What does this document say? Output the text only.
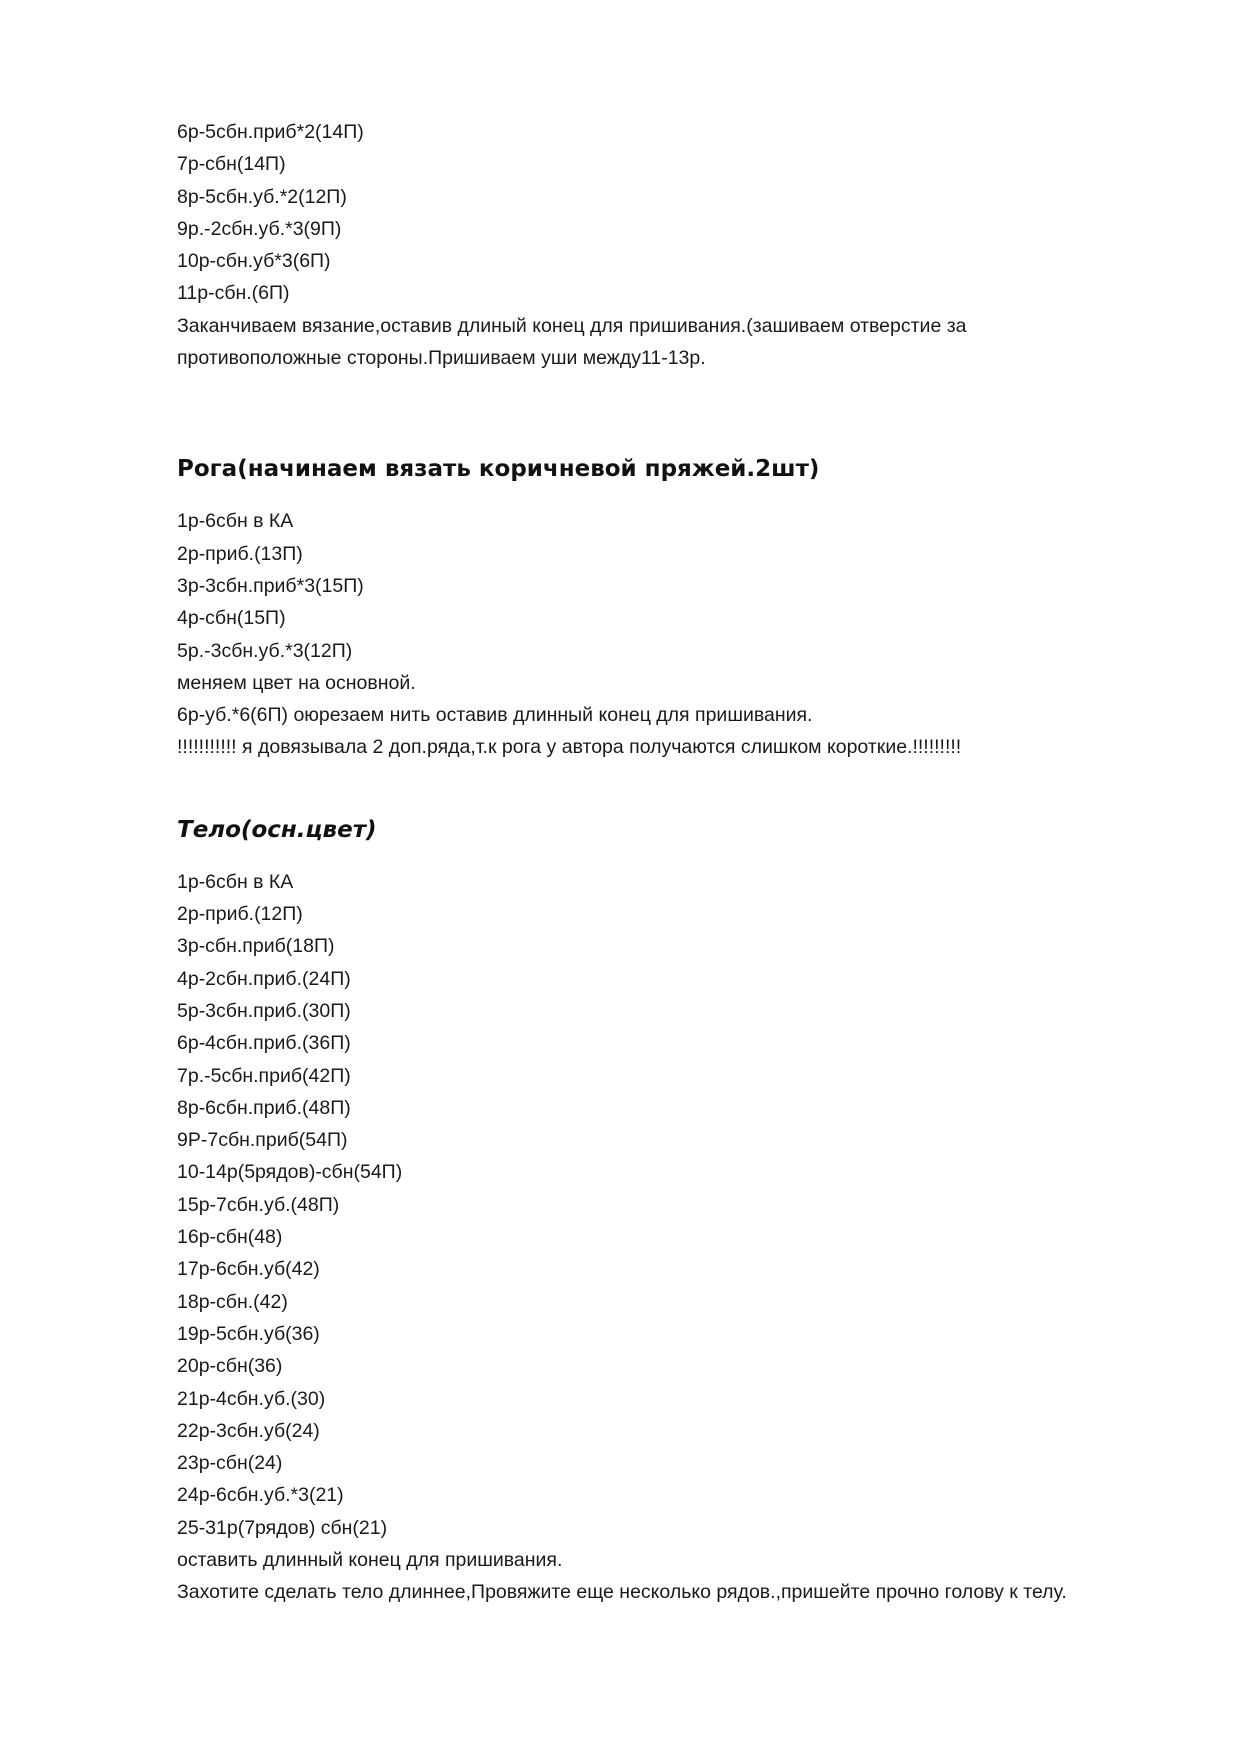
6р-5сбн.приб*2(14П)
7р-сбн(14П)
8р-5сбн.уб.*2(12П)
9р.-2сбн.уб.*3(9П)
10р-сбн.уб*3(6П)
11р-сбн.(6П)
Заканчиваем вязание,оставив длиный конец для пришивания.(зашиваем отверстие за
противоположные стороны.Пришиваем уши между11-13р.
Рога(начинаем вязать коричневой пряжей.2шт)
1р-6сбн в КА
2р-приб.(13П)
3р-3сбн.приб*3(15П)
4р-сбн(15П)
5р.-3сбн.уб.*3(12П)
меняем цвет на основной.
6р-уб.*6(6П) оюрезаем нить оставив длинный конец для пришивания.
!!!!!!!!!!! я довязывала 2 доп.ряда,т.к рога у автора получаются слишком короткие.!!!!!!!!!
Тело(осн.цвет)
1р-6сбн в КА
2р-приб.(12П)
3р-сбн.приб(18П)
4р-2сбн.приб.(24П)
5р-3сбн.приб.(30П)
6р-4сбн.приб.(36П)
7р.-5сбн.приб(42П)
8р-6сбн.приб.(48П)
9Р-7сбн.приб(54П)
10-14р(5рядов)-сбн(54П)
15р-7сбн.уб.(48П)
16р-сбн(48)
17р-6сбн.уб(42)
18р-сбн.(42)
19р-5сбн.уб(36)
20р-сбн(36)
21р-4сбн.уб.(30)
22р-3сбн.уб(24)
23р-сбн(24)
24р-6сбн.уб.*3(21)
25-31р(7рядов) сбн(21)
оставить длинный конец для пришивания.
Захотите сделать тело длиннее,Провяжите еще несколько рядов.,пришейте прочно голову к телу.
